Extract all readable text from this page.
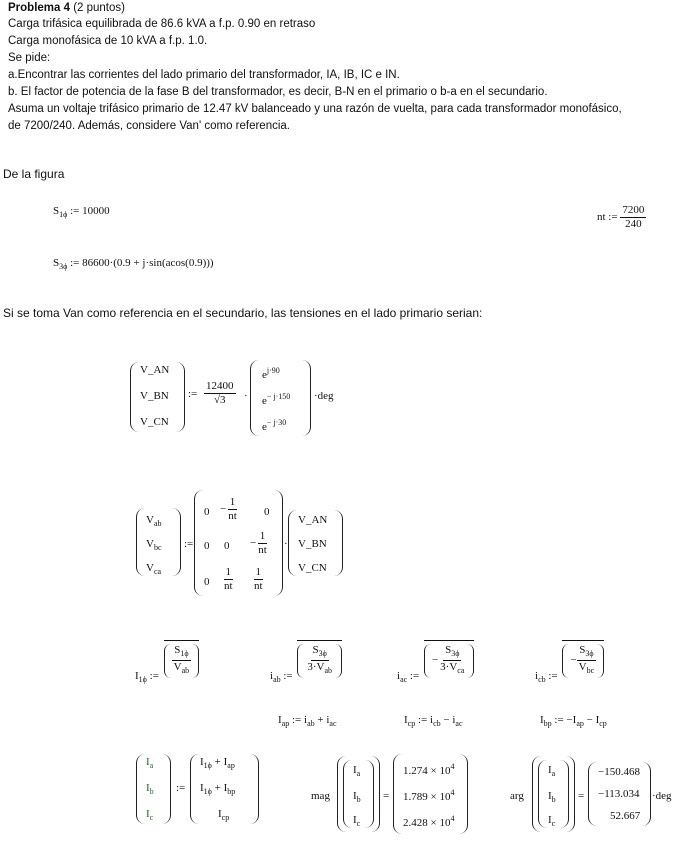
Problema 4 (2 puntos)
Carga trifásica equilibrada de 86.6 kVA a f.p. 0.90 en retraso
Carga monofásica de 10 kVA a f.p. 1.0.
Se pide:
a.Encontrar las corrientes del lado primario del transformador, IA, IB, IC e IN.
b. El factor de potencia de la fase B del transformador, es decir, B-N en el primario o b-a en el secundario.
Asuma un voltaje trifásico primario de 12.47 kV balanceado y una razón de vuelta, para cada transformador monofásico,
de 7200/240. Además, considere Van' como referencia.
De la figura
$S_{1\phi}$ := 10000
nt := $\frac{7200}{240}$
$S_{3\phi}$ := 86600·(0.9 + j·sin(acos(0.9)))
Si se toma Van como referencia en el secundario, las tensiones en el lado primario serian:
V_AN
V_BN
V_CN
:= $\frac{12400}{√3}$ ·
$e^{j\cdot 90}$
$e^{- j\cdot 150}$
$e^{- j\cdot 30}$
·deg
$V_{ab}$
$V_{bc}$
$V_{ca}$
:=
$0 - \frac{1}{nt} 0$
0 $0 - \frac{1}{nt}$
$0 \frac{1}{nt} \frac{1}{nt}$
·
V_AN
V_BN
V_CN
$I_{1\phi}$ :=
$S_{1\phi}$
$V_{ab}$	$i_{ab}$ :=
$S_{3\phi}$
$3\cdot V_{ab}$	$i_{ac}$ :=
−
$S_{3\phi}$
$3\cdot V_{ca}$	$i_{cb}$ :=
−
$S_{3\phi}$
$V_{bc}$
$I_{ap}$ := $i_{ab} + i_{ac}$	$I_{cp}$ := $i_{cb} - i_{ac}$	$I_{bp}$ := $-I_{ap} - I_{cp}$
$I_a$
$I_b$
$I_c$
:=
$I_{1\phi} + I_{ap}$
$I_{1\phi} + I_{bp}$
$I_{cp}$
mag
$I_a$
$I_b$
$I_c$
=
$1.274 \times 10^4$
$1.789 \times 10^4$
$2.428 \times 10^4$
arg
$I_a$
$I_b$
$I_c$
=
−150.468
−113.034
52.667
·deg
